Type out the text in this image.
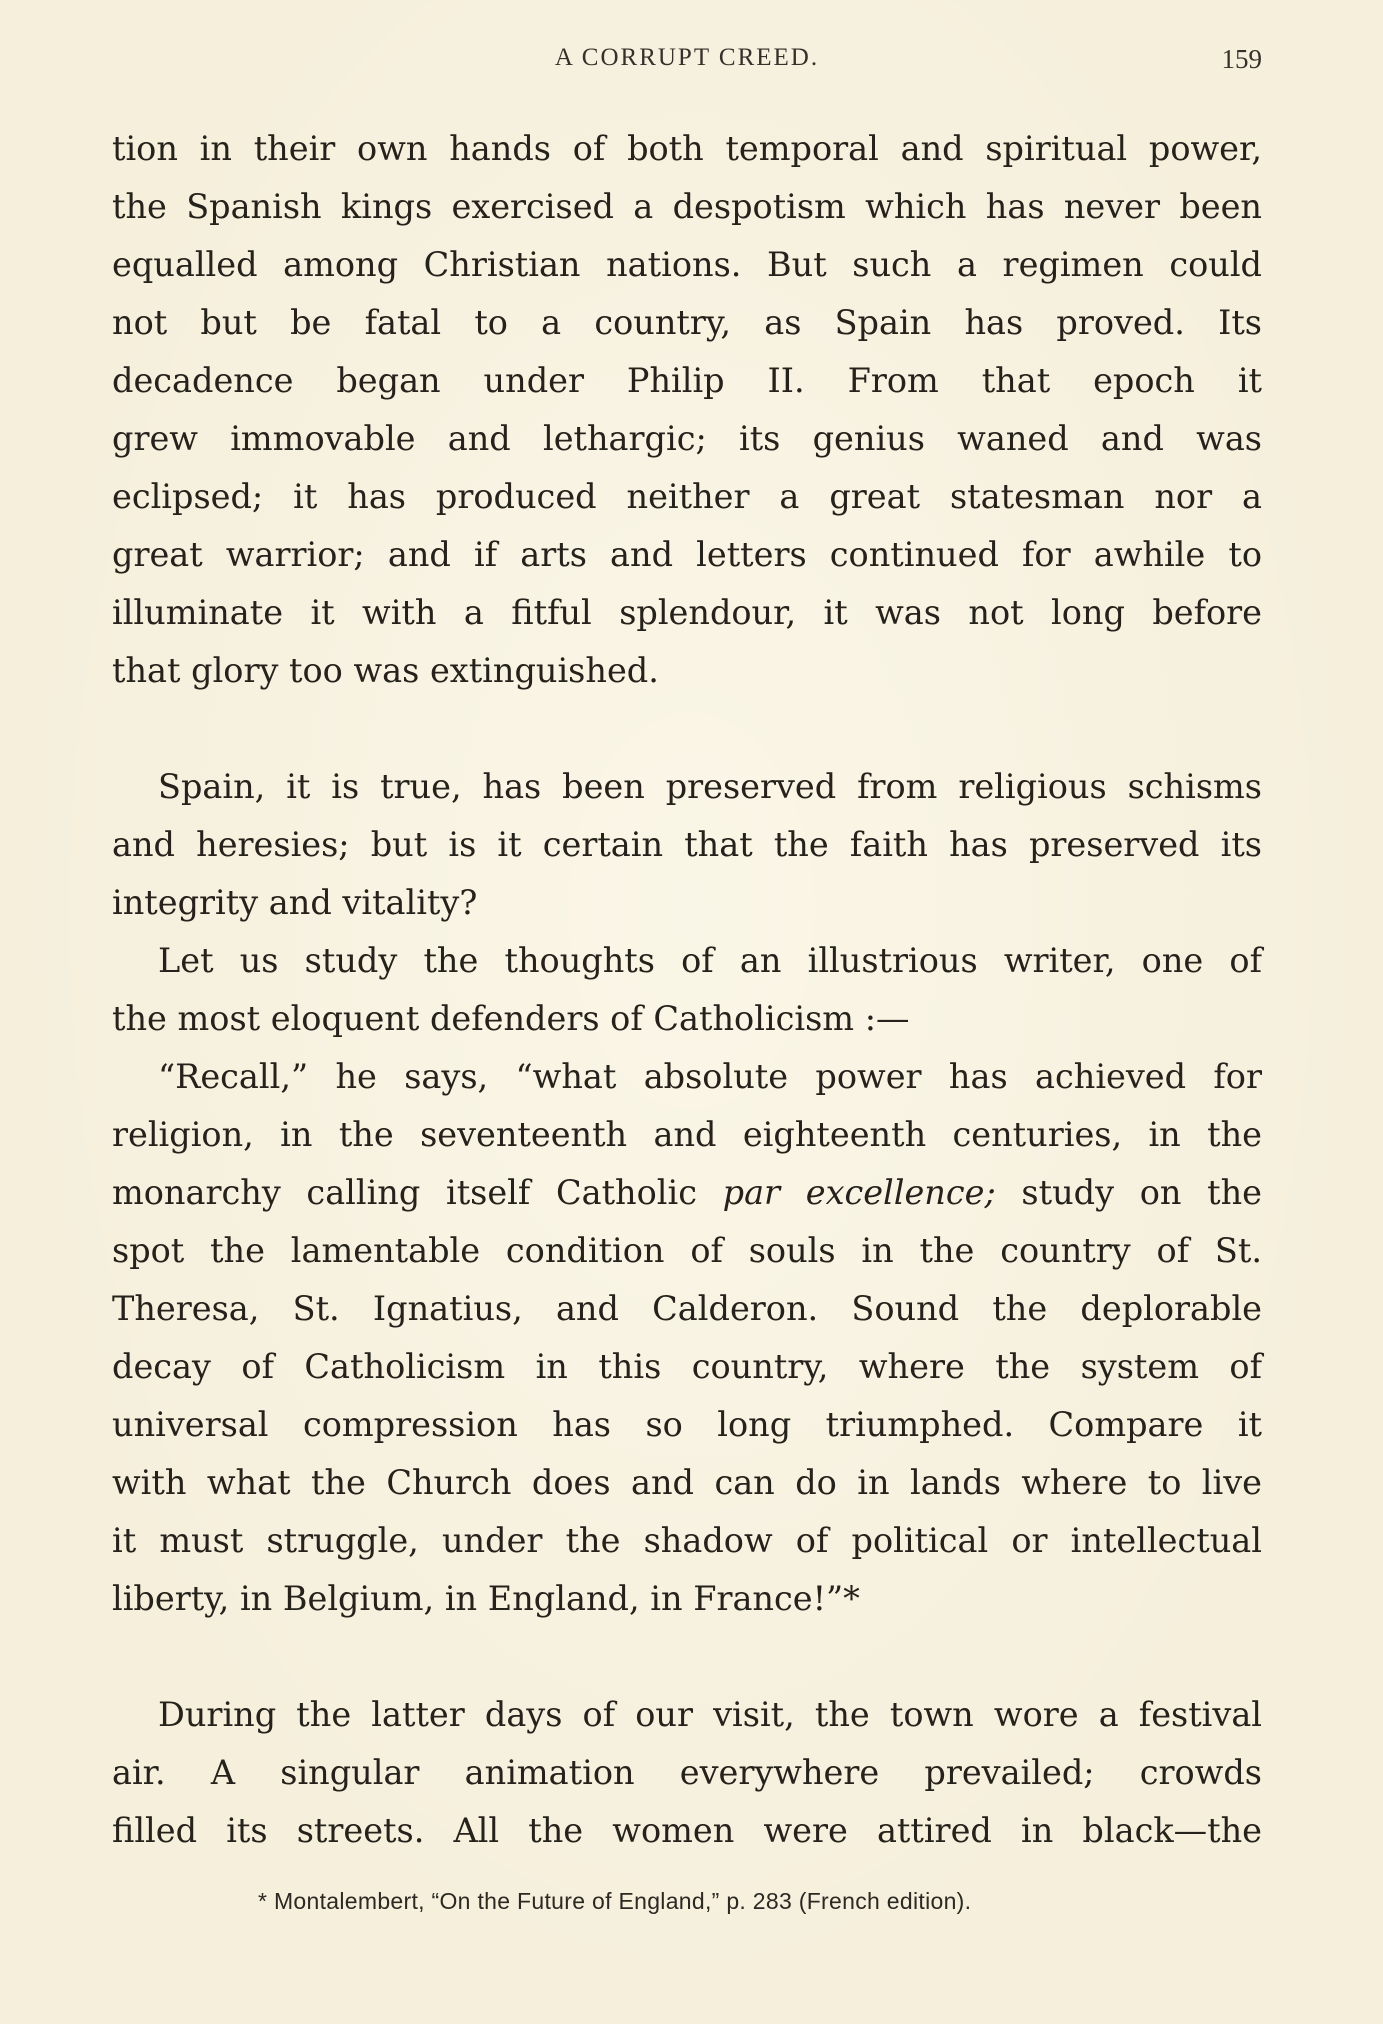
A CORRUPT CREED.	159

tion in their own hands of both temporal and spiritual power,
the Spanish kings exercised a despotism which has never been
equalled among Christian nations. But such a regimen could
not but be fatal to a country, as Spain has proved. Its
decadence began under Philip II. From that epoch it
grew immovable and lethargic; its genius waned and was
eclipsed; it has produced neither a great statesman nor a
great warrior; and if arts and letters continued for awhile to
illuminate it with a fitful splendour, it was not long before
that glory too was extinguished.

Spain, it is true, has been preserved from religious schisms
and heresies; but is it certain that the faith has preserved its
integrity and vitality?

Let us study the thoughts of an illustrious writer, one of
the most eloquent defenders of Catholicism :—

“Recall,” he says, “what absolute power has achieved for
religion, in the seventeenth and eighteenth centuries, in the
monarchy calling itself Catholic par excellence; study on the
spot the lamentable condition of souls in the country of St.
Theresa, St. Ignatius, and Calderon. Sound the deplorable
decay of Catholicism in this country, where the system of
universal compression has so long triumphed. Compare it
with what the Church does and can do in lands where to live
it must struggle, under the shadow of political or intellectual
liberty, in Belgium, in England, in France!”*

During the latter days of our visit, the town wore a festival
air. A singular animation everywhere prevailed; crowds
filled its streets. All the women were attired in black—the

* Montalembert, “On the Future of England,” p. 283 (French edition).
